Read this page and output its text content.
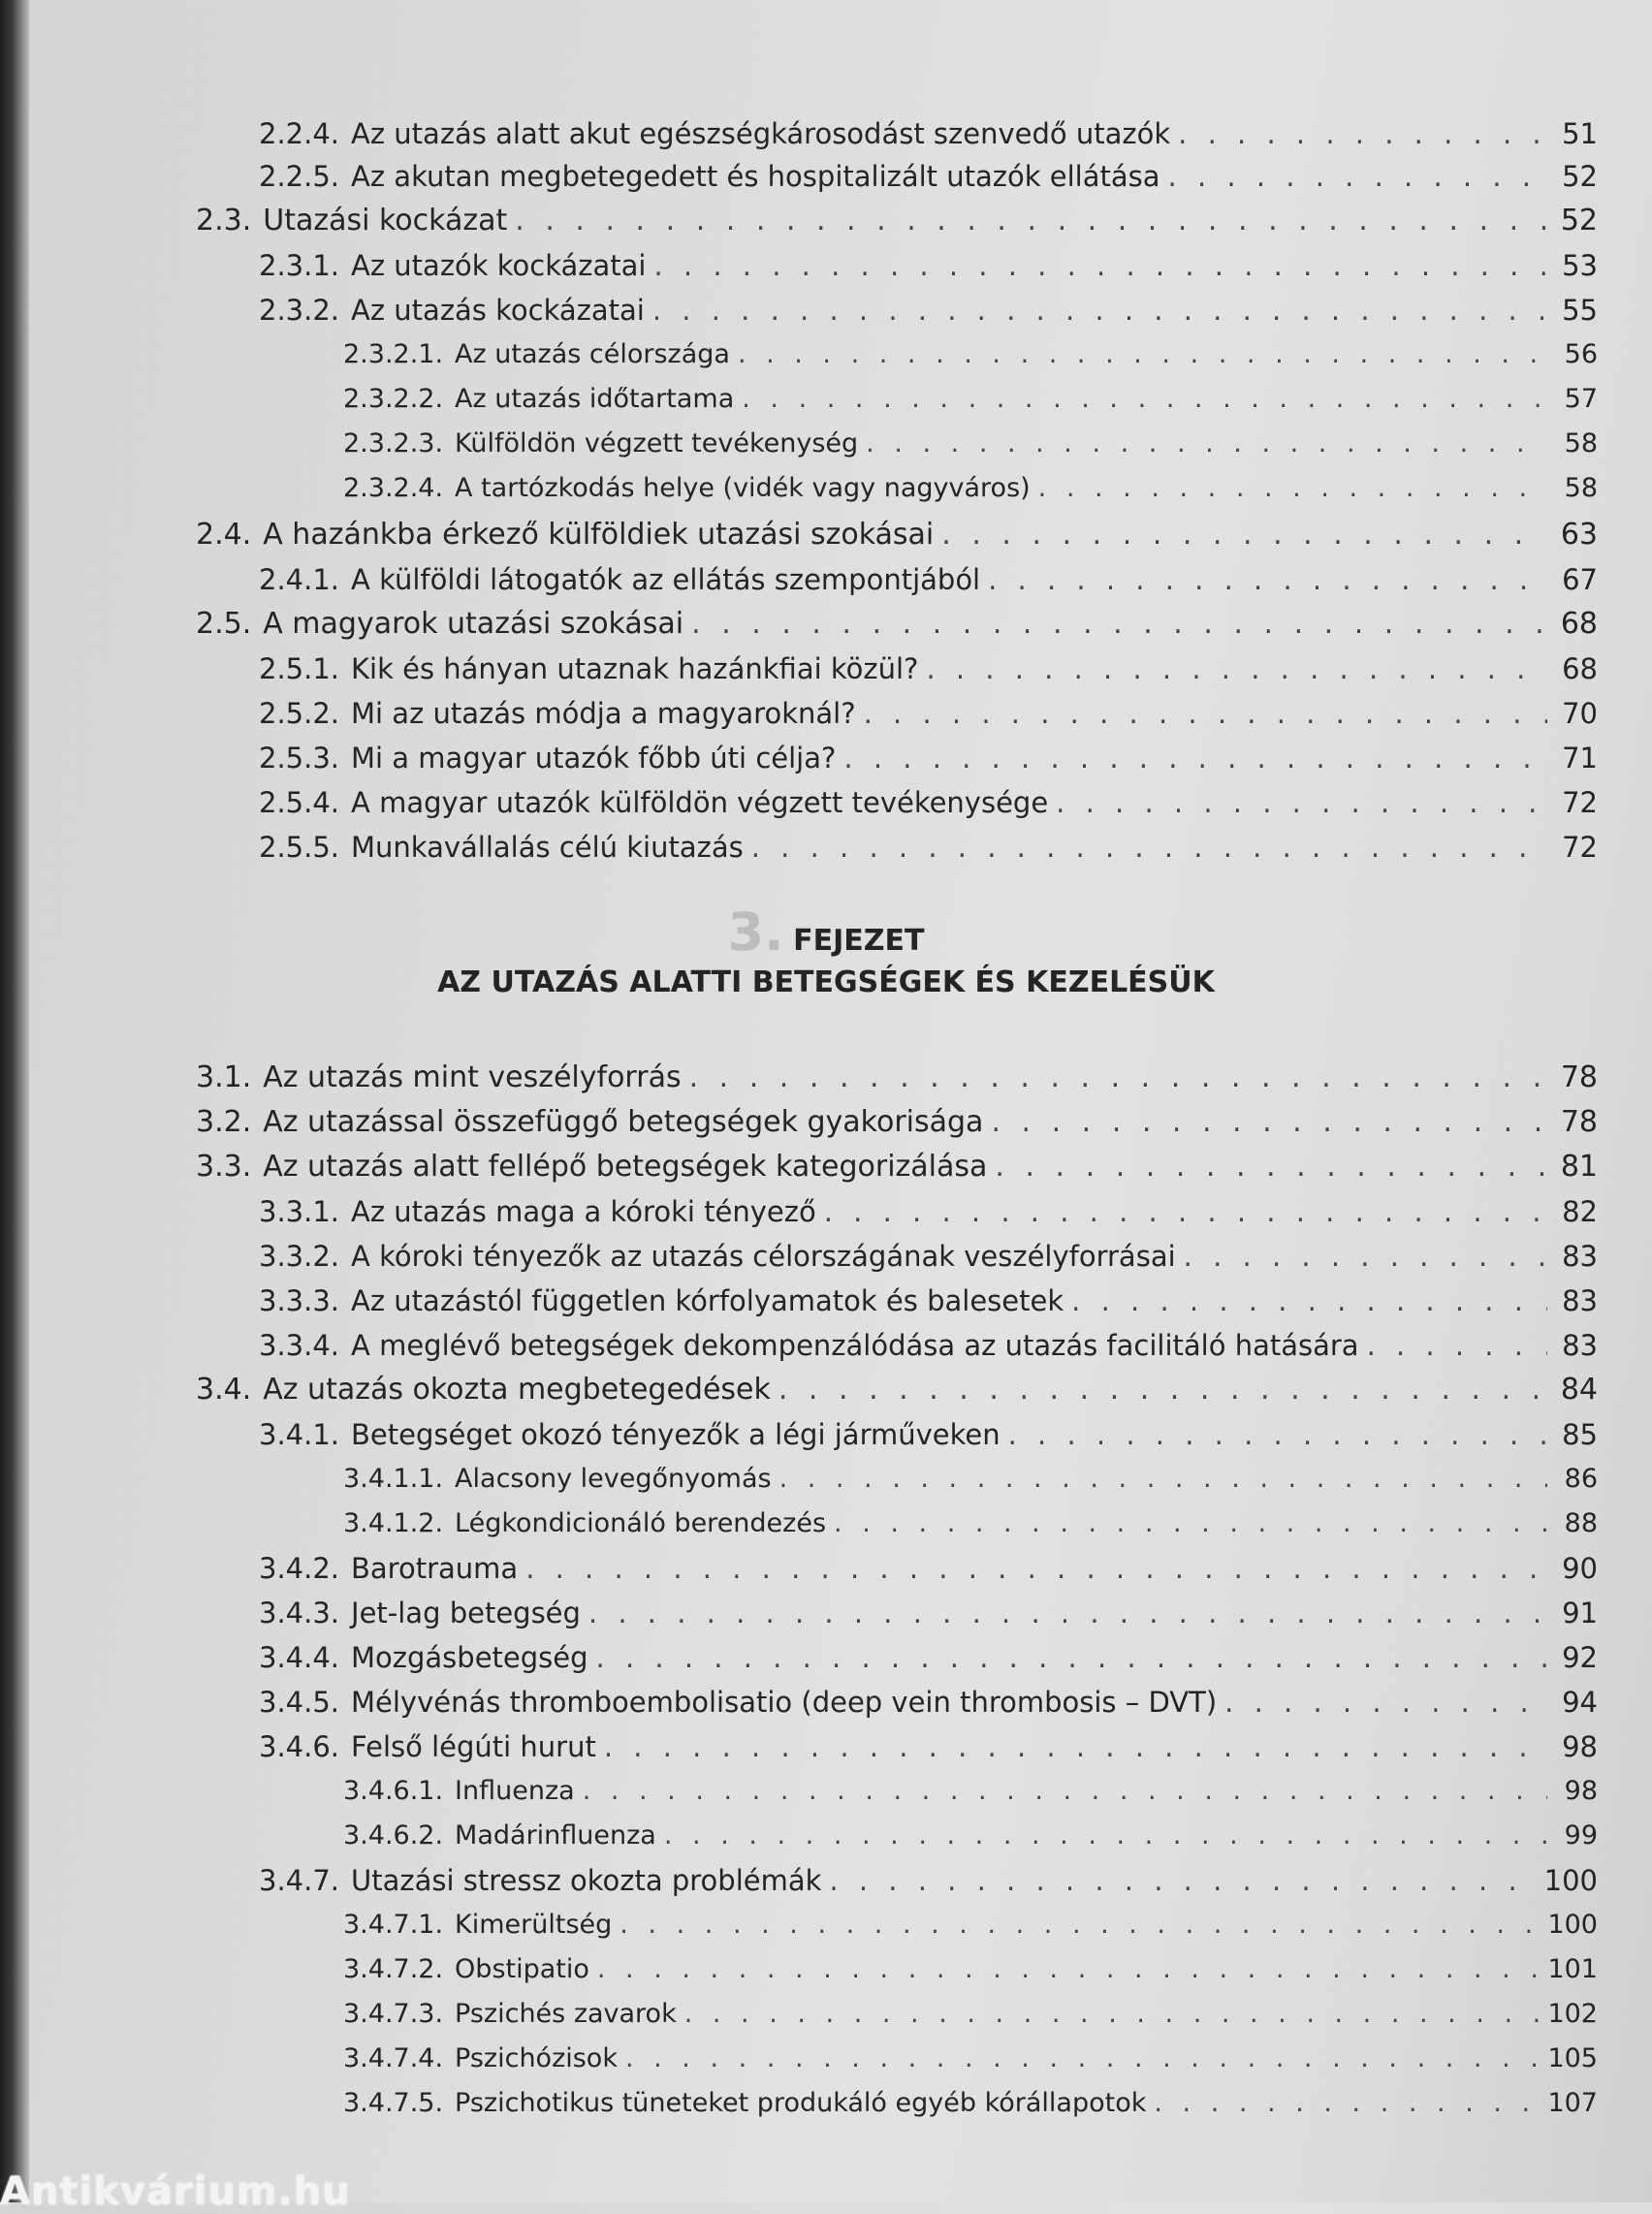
2.2.4. Az utazás alatt akut egészségkárosodást szenvedő utazók . . .	51
2.2.5. Az akutan megbetegedett és hospitalizált utazók ellátása . . .	52
2.3. Utazási kockázat . . .	52
2.3.1. Az utazók kockázatai . . .	53
2.3.2. Az utazás kockázatai . . .	55
2.3.2.1. Az utazás célországa . . .	56
2.3.2.2. Az utazás időtartama . . .	57
2.3.2.3. Külföldön végzett tevékenység . . .	58
2.3.2.4. A tartózkodás helye (vidék vagy nagyváros) . . .	58
2.4. A hazánkba érkező külföldiek utazási szokásai . . .	63
2.4.1. A külföldi látogatók az ellátás szempontjából . . .	67
2.5. A magyarok utazási szokásai . . .	68
2.5.1. Kik és hányan utaznak hazánkfiai közül? . . .	68
2.5.2. Mi az utazás módja a magyaroknál? . . .	70
2.5.3. Mi a magyar utazók főbb úti célja? . . .	71
2.5.4. A magyar utazók külföldön végzett tevékenysége . . .	72
2.5.5. Munkavállalás célú kiutazás . . .	72
3. FEJEZET
AZ UTAZÁS ALATTI BETEGSÉGEK ÉS KEZELÉSÜK
3.1. Az utazás mint veszélyforrás . . .	78
3.2. Az utazással összefüggő betegségek gyakorisága . . .	78
3.3. Az utazás alatt fellépő betegségek kategorizálása . . .	81
3.3.1. Az utazás maga a kóroki tényező . . .	82
3.3.2. A kóroki tényezők az utazás célországának veszélyforrásai . . .	83
3.3.3. Az utazástól független kórfolyamatok és balesetek . . .	83
3.3.4. A meglévő betegségek dekompenzálódása az utazás facilitáló hatására . . .	83
3.4. Az utazás okozta megbetegedések . . .	84
3.4.1. Betegséget okozó tényezők a légi járműveken . . .	85
3.4.1.1. Alacsony levegőnyomás . . .	86
3.4.1.2. Légkondicionáló berendezés . . .	88
3.4.2. Barotrauma . . .	90
3.4.3. Jet-lag betegség . . .	91
3.4.4. Mozgásbetegség . . .	92
3.4.5. Mélyvénás thromboembolisatio (deep vein thrombosis – DVT) . . .	94
3.4.6. Felső légúti hurut . . .	98
3.4.6.1. Influenza . . .	98
3.4.6.2. Madárinfluenza . . .	99
3.4.7. Utazási stressz okozta problémák . . .	100
3.4.7.1. Kimerültség . . .	100
3.4.7.2. Obstipatio . . .	101
3.4.7.3. Pszichés zavarok . . .	102
3.4.7.4. Pszichózisok . . .	105
3.4.7.5. Pszichotikus tüneteket produkáló egyéb kórállapotok . . .	107
Antikvárium.hu
